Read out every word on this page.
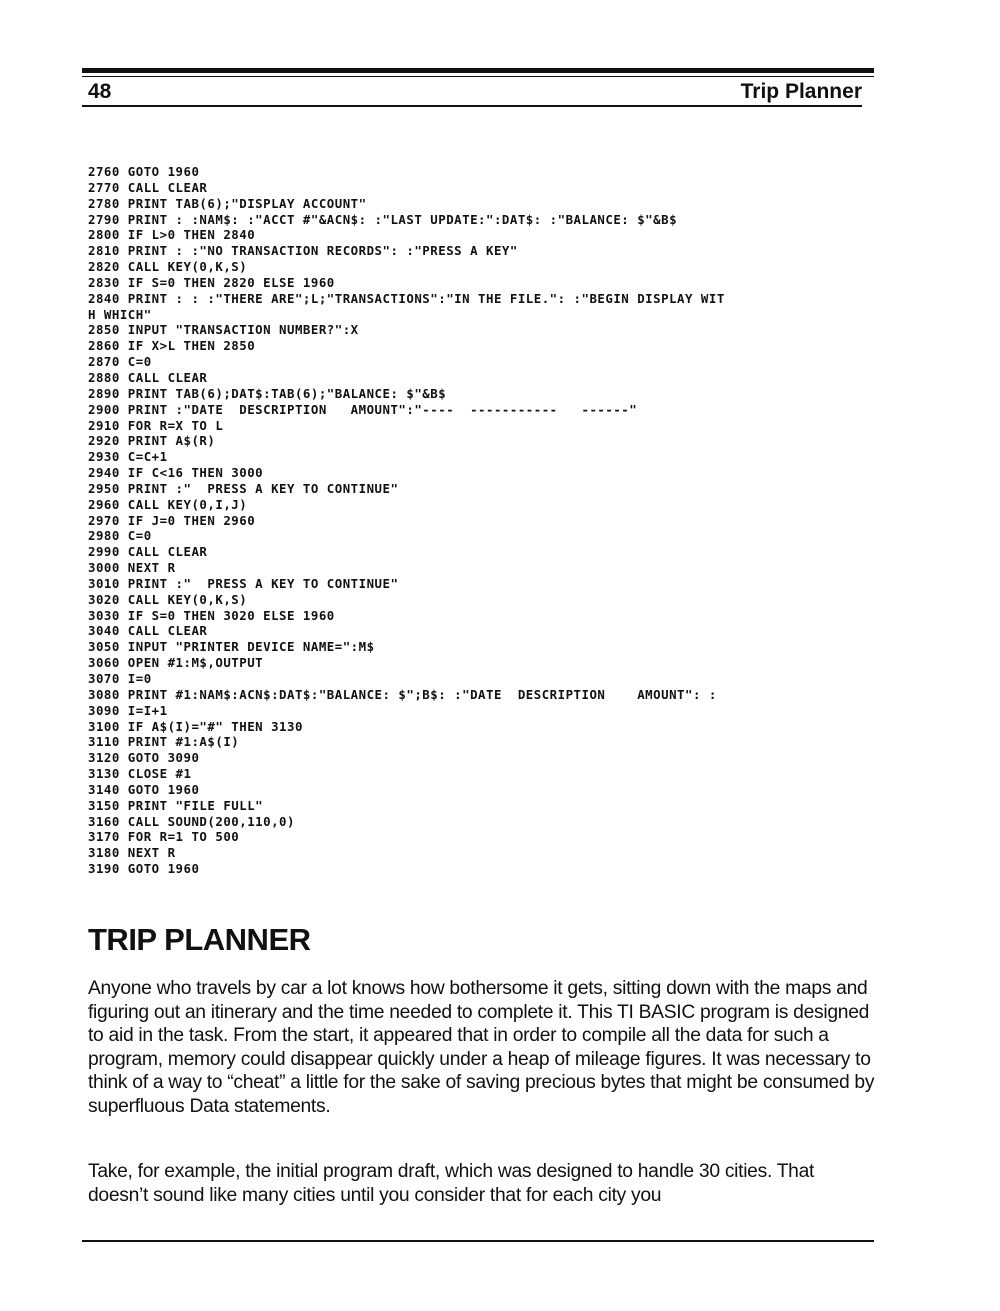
48	Trip Planner
2760 GOTO 1960
2770 CALL CLEAR
2780 PRINT TAB(6);"DISPLAY ACCOUNT"
2790 PRINT : :NAM$: :"ACCT #"&ACN$: :"LAST UPDATE:":DAT$: :"BALANCE: $"&B$
2800 IF L>0 THEN 2840
2810 PRINT : :"NO TRANSACTION RECORDS": :"PRESS A KEY"
2820 CALL KEY(0,K,S)
2830 IF S=0 THEN 2820 ELSE 1960
2840 PRINT : : :"THERE ARE";L;"TRANSACTIONS":"IN THE FILE.": :"BEGIN DISPLAY WIT
H WHICH"
2850 INPUT "TRANSACTION NUMBER?":X
2860 IF X>L THEN 2850
2870 C=0
2880 CALL CLEAR
2890 PRINT TAB(6);DAT$:TAB(6);"BALANCE: $"&B$
2900 PRINT :"DATE  DESCRIPTION   AMOUNT":"----  -----------   ------"
2910 FOR R=X TO L
2920 PRINT A$(R)
2930 C=C+1
2940 IF C<16 THEN 3000
2950 PRINT :"  PRESS A KEY TO CONTINUE"
2960 CALL KEY(0,I,J)
2970 IF J=0 THEN 2960
2980 C=0
2990 CALL CLEAR
3000 NEXT R
3010 PRINT :"  PRESS A KEY TO CONTINUE"
3020 CALL KEY(0,K,S)
3030 IF S=0 THEN 3020 ELSE 1960
3040 CALL CLEAR
3050 INPUT "PRINTER DEVICE NAME=":M$
3060 OPEN #1:M$,OUTPUT
3070 I=0
3080 PRINT #1:NAM$:ACN$:DAT$:"BALANCE: $";B$: :"DATE  DESCRIPTION    AMOUNT": :
3090 I=I+1
3100 IF A$(I)="#" THEN 3130
3110 PRINT #1:A$(I)
3120 GOTO 3090
3130 CLOSE #1
3140 GOTO 1960
3150 PRINT "FILE FULL"
3160 CALL SOUND(200,110,0)
3170 FOR R=1 TO 500
3180 NEXT R
3190 GOTO 1960
TRIP PLANNER

Anyone who travels by car a lot knows how bothersome it gets, sitting down with the maps and figuring out an itinerary and the time needed to complete it. This TI BASIC program is designed to aid in the task. From the start, it appeared that in order to compile all the data for such a program, memory could disappear quickly under a heap of mileage figures. It was necessary to think of a way to “cheat” a little for the sake of saving precious bytes that might be consumed by superfluous Data statements.

Take, for example, the initial program draft, which was designed to handle 30 cities. That doesn’t sound like many cities until you consider that for each city you
